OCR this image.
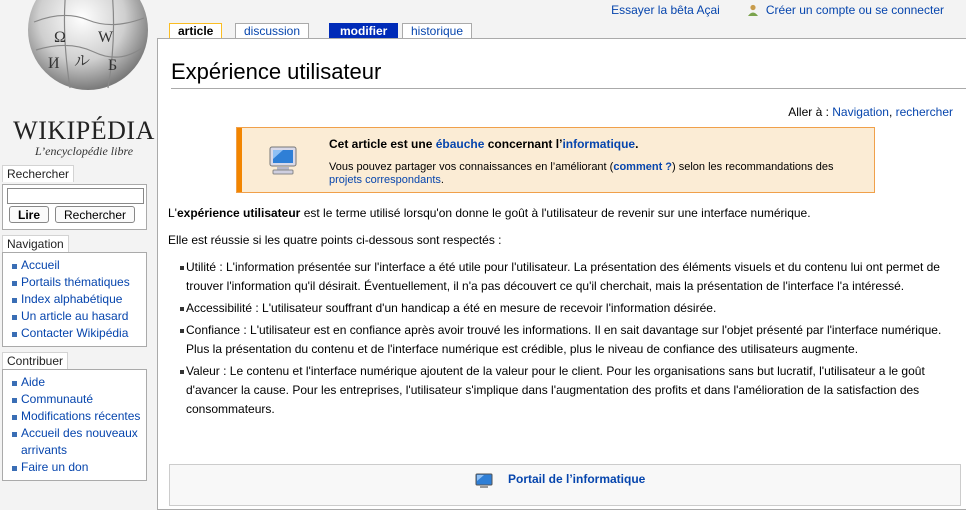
Ω W
ル
И	Б
WIKIPÉDIA
L’encyclopédie libre
Rechercher
Lire	Rechercher
Navigation
Accueil
Portails thématiques
Index alphabétique
Un article au hasard
Contacter Wikipédia
Contribuer
Aide
Communauté
Modifications récentes
Accueil des nouveaux arrivants
Faire un don
Essayer la bêta Açai	Créer un compte ou se connecter
article	discussion	modifier	historique
Expérience utilisateur
Aller à : Navigation, rechercher
Cet article est une ébauche concernant l’informatique.
Vous pouvez partager vos connaissances en l’améliorant (comment ?) selon les recommandations des projets correspondants.
L'expérience utilisateur est le terme utilisé lorsqu'on donne le goût à l'utilisateur de revenir sur une interface numérique.
Elle est réussie si les quatre points ci-dessous sont respectés :
Utilité : L'information présentée sur l'interface a été utile pour l'utilisateur. La présentation des éléments visuels et du contenu lui ont permet de trouver l'information qu'il désirait. Éventuellement, il n'a pas découvert ce qu'il cherchait, mais la présentation de l'interface l'a intéressé.
Accessibilité : L'utilisateur souffrant d'un handicap a été en mesure de recevoir l'information désirée.
Confiance : L'utilisateur est en confiance après avoir trouvé les informations. Il en sait davantage sur l'objet présenté par l'interface numérique. Plus la présentation du contenu et de l'interface numérique est crédible, plus le niveau de confiance des utilisateurs augmente.
Valeur : Le contenu et l'interface numérique ajoutent de la valeur pour le client. Pour les organisations sans but lucratif, l'utilisateur a le goût d'avancer la cause. Pour les entreprises, l'utilisateur s'implique dans l'augmentation des profits et dans l'amélioration de la satisfaction des consommateurs.
Portail de l’informatique
